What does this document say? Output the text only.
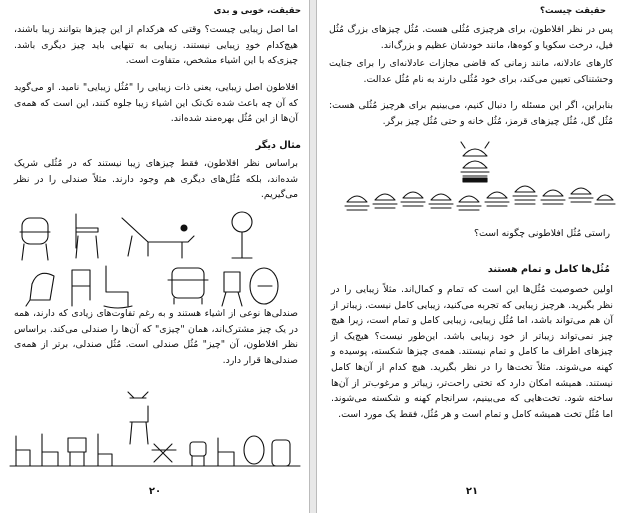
حقیقت، خوبی و بدی

اما اصل زیبایی چیست؟ وقتی که هرکدام از این چیزها بتوانند زیبا باشند، هیچ‌کدام خودِ زیبایی نیستند. زیبایی به تنهایی باید چیز دیگری باشد. چیزی‌که با این اشیاء مشخص، متفاوت است.

افلاطون اصل زیبایی، یعنی ذات زیبایی را "مُثُل زیبایی" نامید. او می‌گوید که آن چه باعث شده تک‌تک این اشیاء زیبا جلوه کنند، این است که همه‌ی آن‌ها از این مُثُل بهره‌مند شده‌اند.

مثال دیگر

براساس نظر افلاطون، فقط چیزهای زیبا نیستند که در مُثُلی شریک شده‌اند، بلکه مُثُل‌های دیگری هم وجود دارند. مثلاً صندلی را در نظر می‌گیریم.

صندلی‌ها نوعی از اشیاء هستند و به رغم تفاوت‌های زیادی که دارند، همه در یک چیز مشترک‌اند، همان "چیزی" که آن‌ها را صندلی می‌کند. براساس نظر افلاطون، آن "چیز" مُثُل صندلی است. مُثُل صندلی، برتر از همه‌ی صندلی‌ها قرار دارد.

۲۰
حقیقت چیست؟

پس در نظر افلاطون، برای هرچیزی مُثُلی هست. مُثُل چیزهای بزرگ مُثُل فیل، درخت سکویا و کوه‌ها، مانند خودشان عظیم و بزرگ‌اند.

کارهای عادلانه، مانند زمانی که قاضی مجازات عادلانه‌ای را برای جنایت وحشتناکی تعیین می‌کند، برای خود مُثُلی دارند به نام مُثُل عدالت.

بنابراین، اگر این مسئله را دنبال کنیم، می‌بینیم برای هرچیز مُثُلی هست: مُثُل گل، مُثُل چیزهای قرمز، مُثُل خانه و حتی مُثُل چیز برگر.

راستی مُثُل افلاطونی چگونه است؟

مُثُل‌ها کامل و تمام هستند

اولین خصوصیت مُثُل‌ها این است که تمام و کمال‌اند. مثلاً زیبایی را در نظر بگیرید. هرچیز زیبایی که تجربه می‌کنید، زیبایی کامل نیست. زیباتر از آن هم می‌تواند باشد، اما مُثُل زیبایی، زیبایی کامل و تمام است، زیرا هیچ چیز نمی‌تواند زیباتر از خود زیبایی باشد. این‌طور نیست؟ هیچ‌یک از چیزهای اطراف ما کامل و تمام نیستند. همه‌ی چیزها شکسته، پوسیده و کهنه می‌شوند. مثلاً تخت‌ها را در نظر بگیرید. هیچ کدام از آن‌ها کامل نیستند. همیشه امکان دارد که تختی راحت‌تر، زیباتر و مرغوب‌تر از آن‌ها ساخته شود. تخت‌هایی که می‌بینیم، سرانجام کهنه و شکسته می‌شوند. اما مُثُل تخت همیشه کامل و تمام است و هر مُثُل، فقط یک مورد است.

۲۱
